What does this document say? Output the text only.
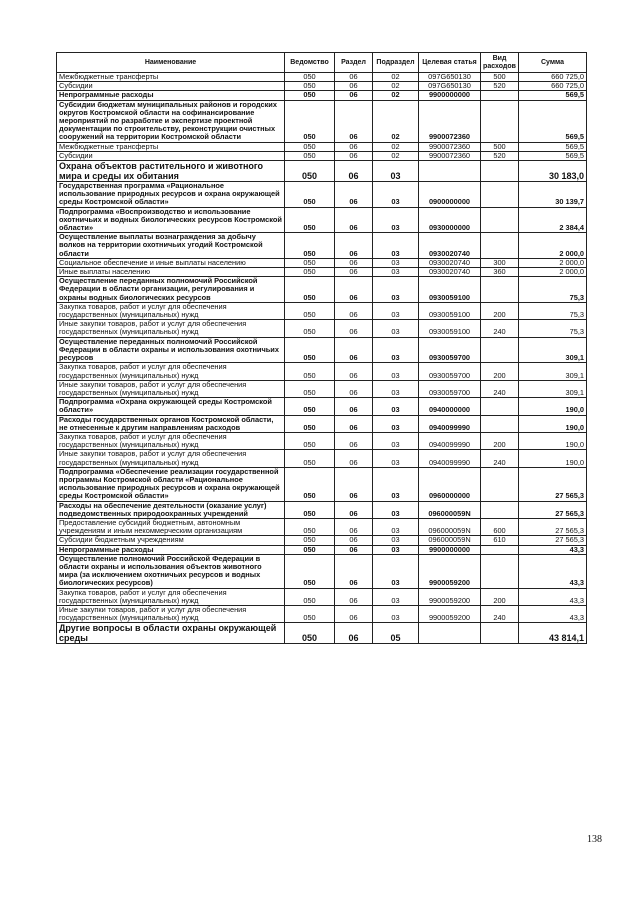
Наименование	Ведомство	Раздел	Подраздел	Целевая статья	Вид расходов	Сумма
Межбюджетные трансферты	050	06	02	097G650130	500	660 725,0
Субсидии	050	06	02	097G650130	520	660 725,0
Непрограммные расходы	050	06	02	9900000000		569,5
Субсидии бюджетам муниципальных районов и городских округов Костромской области на софинансирование мероприятий по разработке и экспертизе проектной документации по строительству, реконструкции очистных сооружений на территории Костромской области	050	06	02	9900072360		569,5
Межбюджетные трансферты	050	06	02	9900072360	500	569,5
Субсидии	050	06	02	9900072360	520	569,5
Охрана объектов растительного и животного мира и среды их обитания	050	06	03			30 183,0
Государственная программа «Рациональное использование природных ресурсов и охрана окружающей среды Костромской области»	050	06	03	0900000000		30 139,7
Подпрограмма «Воспроизводство и использование охотничьих и водных биологических ресурсов Костромской области»	050	06	03	0930000000		2 384,4
Осуществление выплаты вознаграждения за добычу волков на территории охотничьих угодий Костромской области	050	06	03	0930020740		2 000,0
Социальное обеспечение и иные выплаты населению	050	06	03	0930020740	300	2 000,0
Иные выплаты населению	050	06	03	0930020740	360	2 000,0
Осуществление переданных полномочий Российской Федерации в области организации, регулирования и охраны водных биологических ресурсов	050	06	03	0930059100		75,3
Закупка товаров, работ и услуг для обеспечения государственных (муниципальных) нужд	050	06	03	0930059100	200	75,3
Иные закупки товаров, работ и услуг для обеспечения государственных (муниципальных) нужд	050	06	03	0930059100	240	75,3
Осуществление переданных полномочий Российской Федерации в области охраны и использования охотничьих ресурсов	050	06	03	0930059700		309,1
Закупка товаров, работ и услуг для обеспечения государственных (муниципальных) нужд	050	06	03	0930059700	200	309,1
Иные закупки товаров, работ и услуг для обеспечения государственных (муниципальных) нужд	050	06	03	0930059700	240	309,1
Подпрограмма «Охрана окружающей среды Костромской области»	050	06	03	0940000000		190,0
Расходы государственных органов Костромской области, не отнесенные к другим направлениям расходов	050	06	03	0940099990		190,0
Закупка товаров, работ и услуг для обеспечения государственных (муниципальных) нужд	050	06	03	0940099990	200	190,0
Иные закупки товаров, работ и услуг для обеспечения государственных (муниципальных) нужд	050	06	03	0940099990	240	190,0
Подпрограмма «Обеспечение реализации государственной программы Костромской области «Рациональное использование природных ресурсов и охрана окружающей среды Костромской области»	050	06	03	0960000000		27 565,3
Расходы на обеспечение деятельности (оказание услуг) подведомственных природоохранных учреждений	050	06	03	096000059N		27 565,3
Предоставление субсидий бюджетным, автономным учреждениям и иным некоммерческим организациям	050	06	03	096000059N	600	27 565,3
Субсидии бюджетным учреждениям	050	06	03	096000059N	610	27 565,3
Непрограммные расходы	050	06	03	9900000000		43,3
Осуществление полномочий Российской Федерации в области охраны и использования объектов животного мира (за исключением охотничьих ресурсов и водных биологических ресурсов)	050	06	03	9900059200		43,3
Закупка товаров, работ и услуг для обеспечения государственных (муниципальных) нужд	050	06	03	9900059200	200	43,3
Иные закупки товаров, работ и услуг для обеспечения государственных (муниципальных) нужд	050	06	03	9900059200	240	43,3
Другие вопросы в области охраны окружающей среды	050	06	05			43 814,1
138
